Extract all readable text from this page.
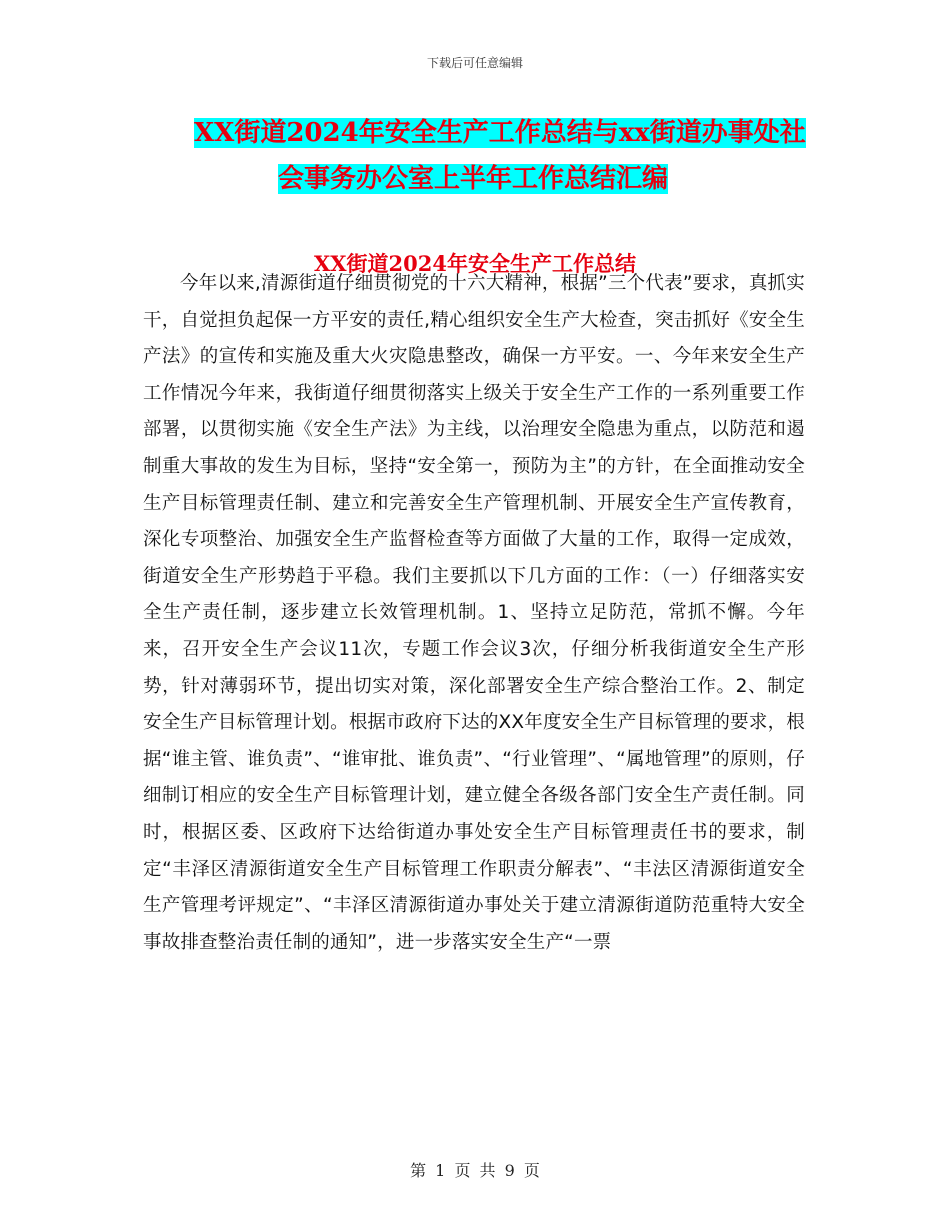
下载后可任意编辑
XX街道2024年安全生产工作总结与xx街道办事处社
会事务办公室上半年工作总结汇编
XX街道2024年安全生产工作总结
今年以来,清源街道仔细贯彻党的十六大精神，根据”三个代表”要求，真抓实干，自觉担负起保一方平安的责任,精心组织安全生产大检查，突击抓好《安全生产法》的宣传和实施及重大火灾隐患整改，确保一方平安。一、今年来安全生产工作情况今年来，我街道仔细贯彻落实上级关于安全生产工作的一系列重要工作部署，以贯彻实施《安全生产法》为主线，以治理安全隐患为重点，以防范和遏制重大事故的发生为目标，坚持“安全第一，预防为主”的方针，在全面推动安全生产目标管理责任制、建立和完善安全生产管理机制、开展安全生产宣传教育，深化专项整治、加强安全生产监督检查等方面做了大量的工作，取得一定成效，街道安全生产形势趋于平稳。我们主要抓以下几方面的工作：（一）仔细落实安全生产责任制，逐步建立长效管理机制。1、坚持立足防范，常抓不懈。今年来，召开安全生产会议11次，专题工作会议3次，仔细分析我街道安全生产形势，针对薄弱环节，提出切实对策，深化部署安全生产综合整治工作。2、制定安全生产目标管理计划。根据市政府下达的XX年度安全生产目标管理的要求，根据“谁主管、谁负责”、“谁审批、谁负责”、“行业管理”、“属地管理”的原则，仔细制订相应的安全生产目标管理计划，建立健全各级各部门安全生产责任制。同时，根据区委、区政府下达给街道办事处安全生产目标管理责任书的要求，制定“丰泽区清源街道安全生产目标管理工作职责分解表”、“丰法区清源街道安全生产管理考评规定”、“丰泽区清源街道办事处关于建立清源街道防范重特大安全事故排查整治责任制的通知”，进一步落实安全生产“一票
第 1 页 共 9 页
